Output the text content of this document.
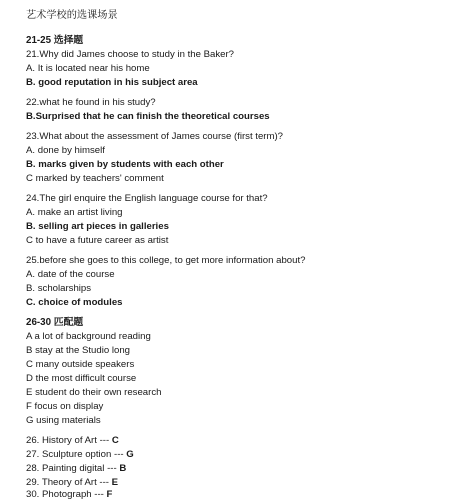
艺术学校的选课场景
21-25 选择题
21.Why did James choose to study in the Baker?
A. It is located near his home
B. good reputation in his subject area
22.what he found in his study?
B.Surprised that he can finish the theoretical courses
23.What about the assessment of James course (first term)?
A. done by himself
B. marks given by students with each other
C marked by teachers' comment
24.The girl enquire the English language course for that?
A. make an artist living
B. selling art pieces in galleries
C to have a future career as artist
25.before she goes to this college, to get more information about?
A. date of the course
B. scholarships
C. choice of modules
26-30 匹配题
A a lot of background reading
B stay at the Studio long
C many outside speakers
D the most difficult course
E student do their own research
F focus on display
G using materials
26. History of Art --- C
27. Sculpture option --- G
28. Painting digital --- B
29. Theory of Art --- E
30. Photograph --- F
